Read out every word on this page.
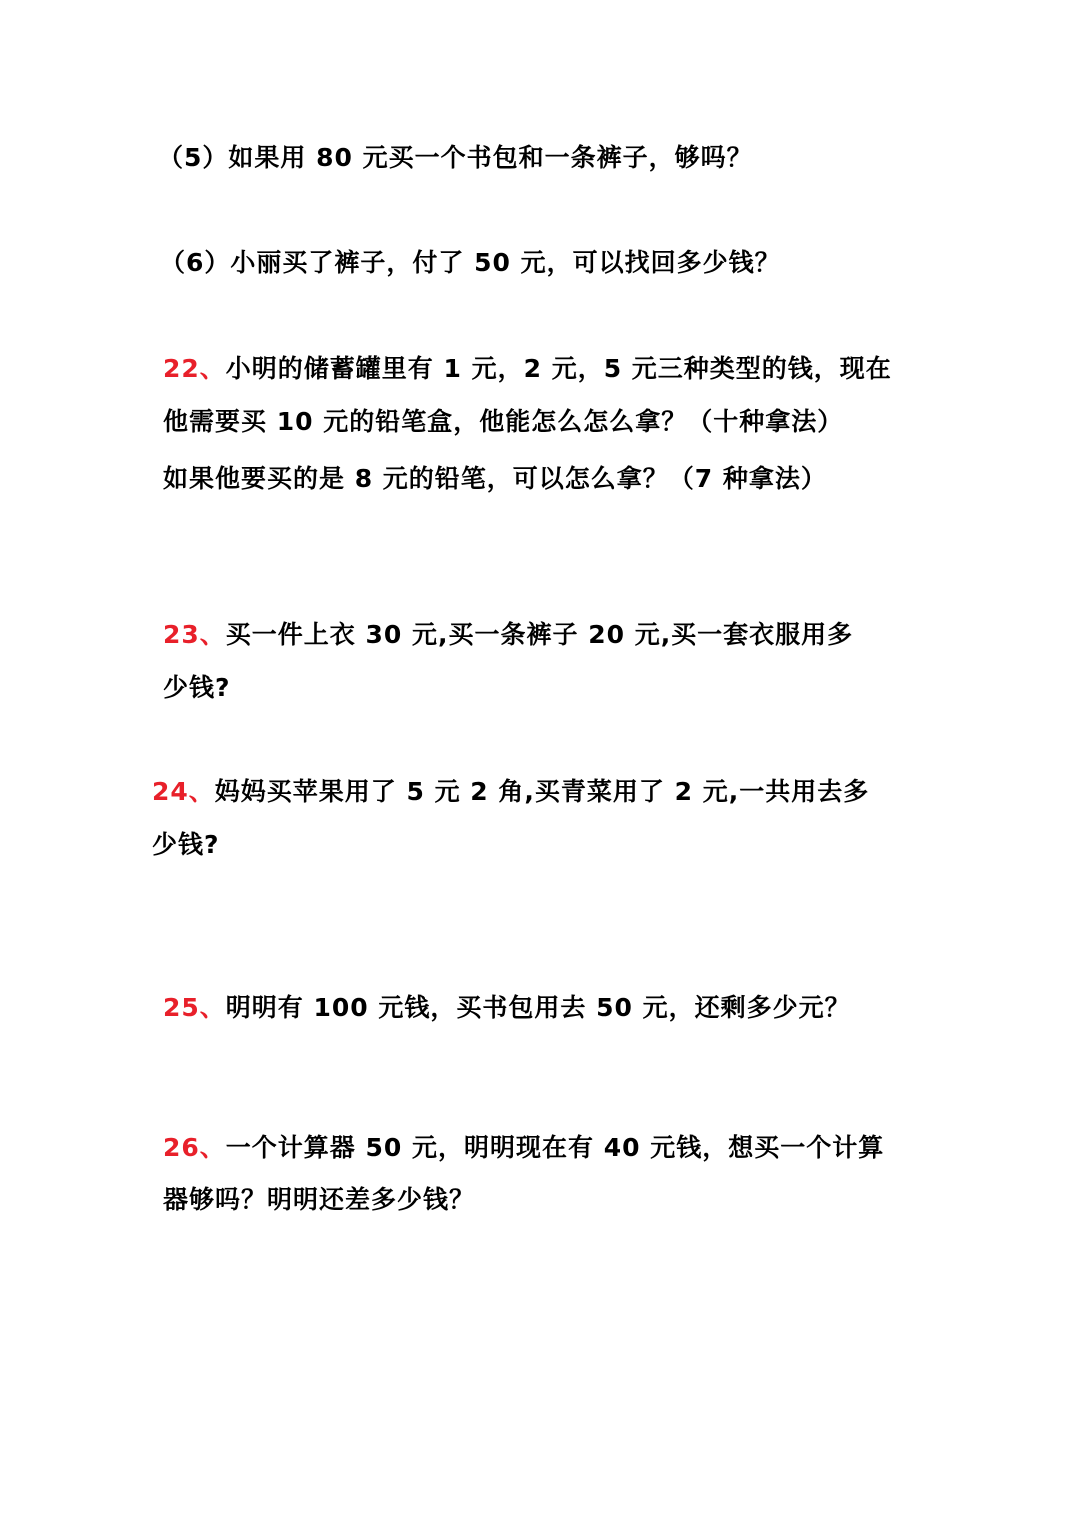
（5）如果用 80 元买一个书包和一条裤子，够吗？
（6）小丽买了裤子，付了 50 元，可以找回多少钱？
22、小明的储蓄罐里有 1 元，2 元，5 元三种类型的钱，现在
他需要买 10 元的铅笔盒，他能怎么怎么拿？（十种拿法）
如果他要买的是 8 元的铅笔，可以怎么拿？（7 种拿法）
23、买一件上衣 30 元,买一条裤子 20 元,买一套衣服用多
少钱?
24、妈妈买苹果用了 5 元 2 角,买青菜用了 2 元,一共用去多
少钱?
25、明明有 100 元钱，买书包用去 50 元，还剩多少元？
26、一个计算器 50 元，明明现在有 40 元钱，想买一个计算
器够吗？明明还差多少钱？
